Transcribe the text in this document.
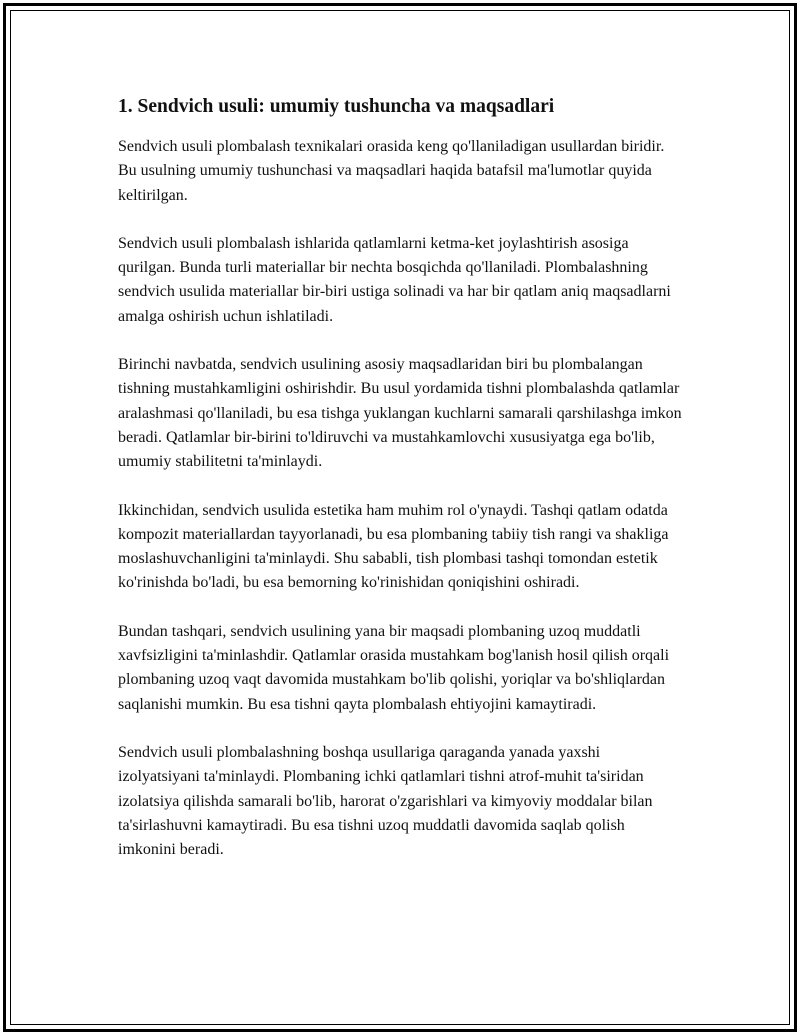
1. Sendvich usuli: umumiy tushuncha va maqsadlari

Sendvich usuli plombalash texnikalari orasida keng qo'llaniladigan usullardan biridir. Bu usulning umumiy tushunchasi va maqsadlari haqida batafsil ma'lumotlar quyida keltirilgan.

Sendvich usuli plombalash ishlarida qatlamlarni ketma-ket joylashtirish asosiga qurilgan. Bunda turli materiallar bir nechta bosqichda qo'llaniladi. Plombalashning sendvich usulida materiallar bir-biri ustiga solinadi va har bir qatlam aniq maqsadlarni amalga oshirish uchun ishlatiladi.

Birinchi navbatda, sendvich usulining asosiy maqsadlaridan biri bu plombalangan tishning mustahkamligini oshirishdir. Bu usul yordamida tishni plombalashda qatlamlar aralashmasi qo'llaniladi, bu esa tishga yuklangan kuchlarni samarali qarshilashga imkon beradi. Qatlamlar bir-birini to'ldiruvchi va mustahkamlovchi xususiyatga ega bo'lib, umumiy stabilitetni ta'minlaydi.

Ikkinchidan, sendvich usulida estetika ham muhim rol o'ynaydi. Tashqi qatlam odatda kompozit materiallardan tayyorlanadi, bu esa plombaning tabiiy tish rangi va shakliga moslashuvchanligini ta'minlaydi. Shu sababli, tish plombasi tashqi tomondan estetik ko'rinishda bo'ladi, bu esa bemorning ko'rinishidan qoniqishini oshiradi.

Bundan tashqari, sendvich usulining yana bir maqsadi plombaning uzoq muddatli xavfsizligini ta'minlashdir. Qatlamlar orasida mustahkam bog'lanish hosil qilish orqali plombaning uzoq vaqt davomida mustahkam bo'lib qolishi, yoriqlar va bo'shliqlardan saqlanishi mumkin. Bu esa tishni qayta plombalash ehtiyojini kamaytiradi.

Sendvich usuli plombalashning boshqa usullariga qaraganda yanada yaxshi izolyatsiyani ta'minlaydi. Plombaning ichki qatlamlari tishni atrof-muhit ta'siridan izolatsiya qilishda samarali bo'lib, harorat o'zgarishlari va kimyoviy moddalar bilan ta'sirlashuvni kamaytiradi. Bu esa tishni uzoq muddatli davomida saqlab qolish imkonini beradi.
